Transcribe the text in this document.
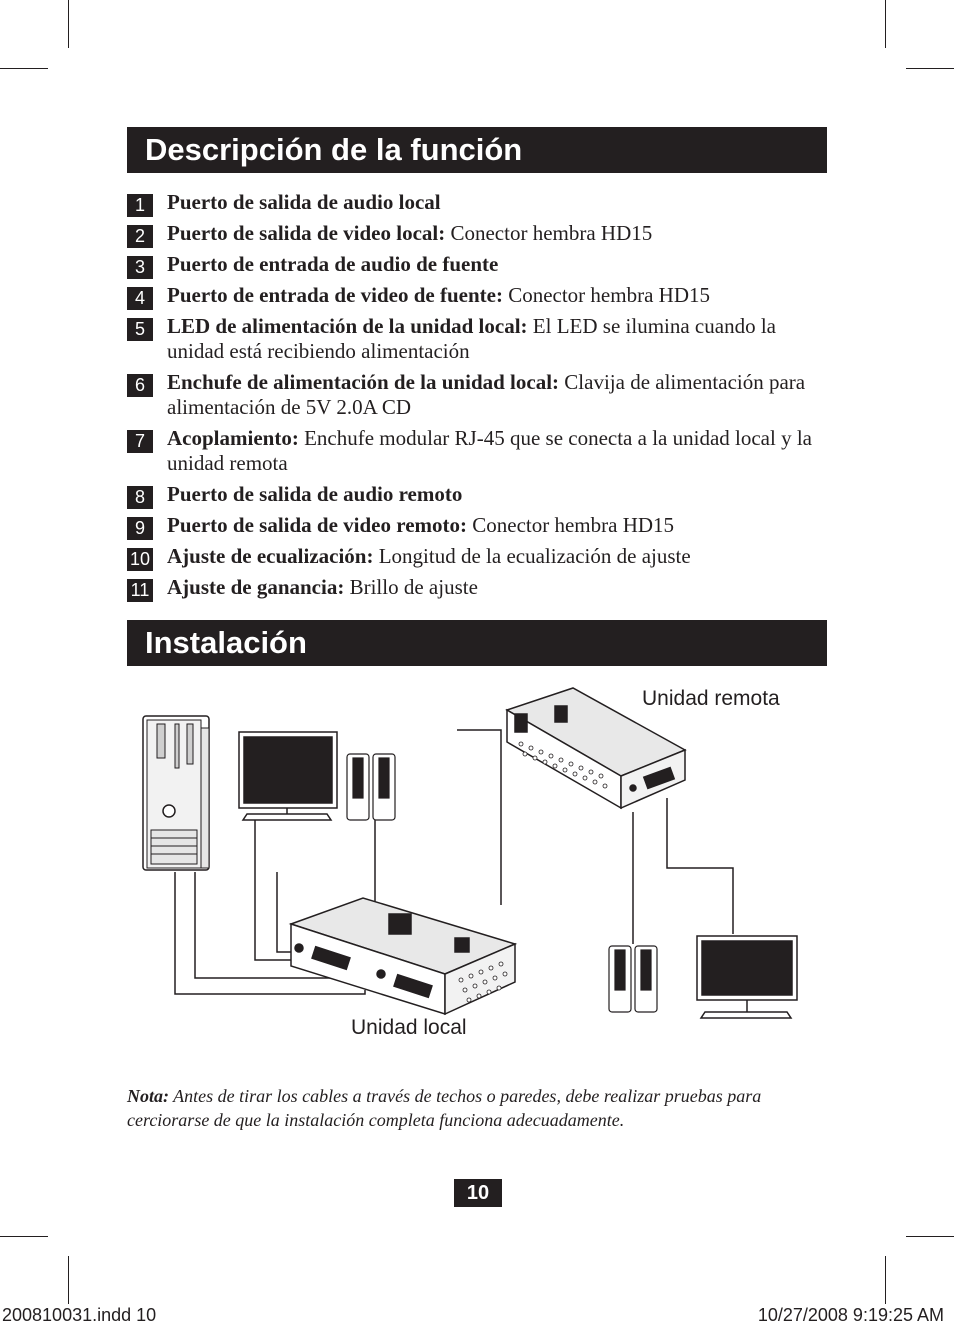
Descripción de la función
1	Puerto de salida de audio local
2	Puerto de salida de video local: Conector hembra HD15
3	Puerto de entrada de audio de fuente
4	Puerto de entrada de video de fuente: Conector hembra HD15
5	LED de alimentación de la unidad local: El LED se ilumina cuando la unidad está recibiendo alimentación
6	Enchufe de alimentación de la unidad local: Clavija de alimentación para alimentación de 5V 2.0A CD
7	Acoplamiento: Enchufe modular RJ-45 que se conecta a la unidad local y la unidad remota
8	Puerto de salida de audio remoto
9	Puerto de salida de video remoto: Conector hembra HD15
10 Ajuste de ecualización: Longitud de la ecualización de ajuste
11 Ajuste de ganancia: Brillo de ajuste
Instalación
Unidad remota
Unidad local
Nota: Antes de tirar los cables a través de techos o paredes, debe realizar pruebas para cerciorarse de que la instalación completa funciona adecuadamente.
10
200810031.indd 10	10/27/2008 9:19:25 AM
